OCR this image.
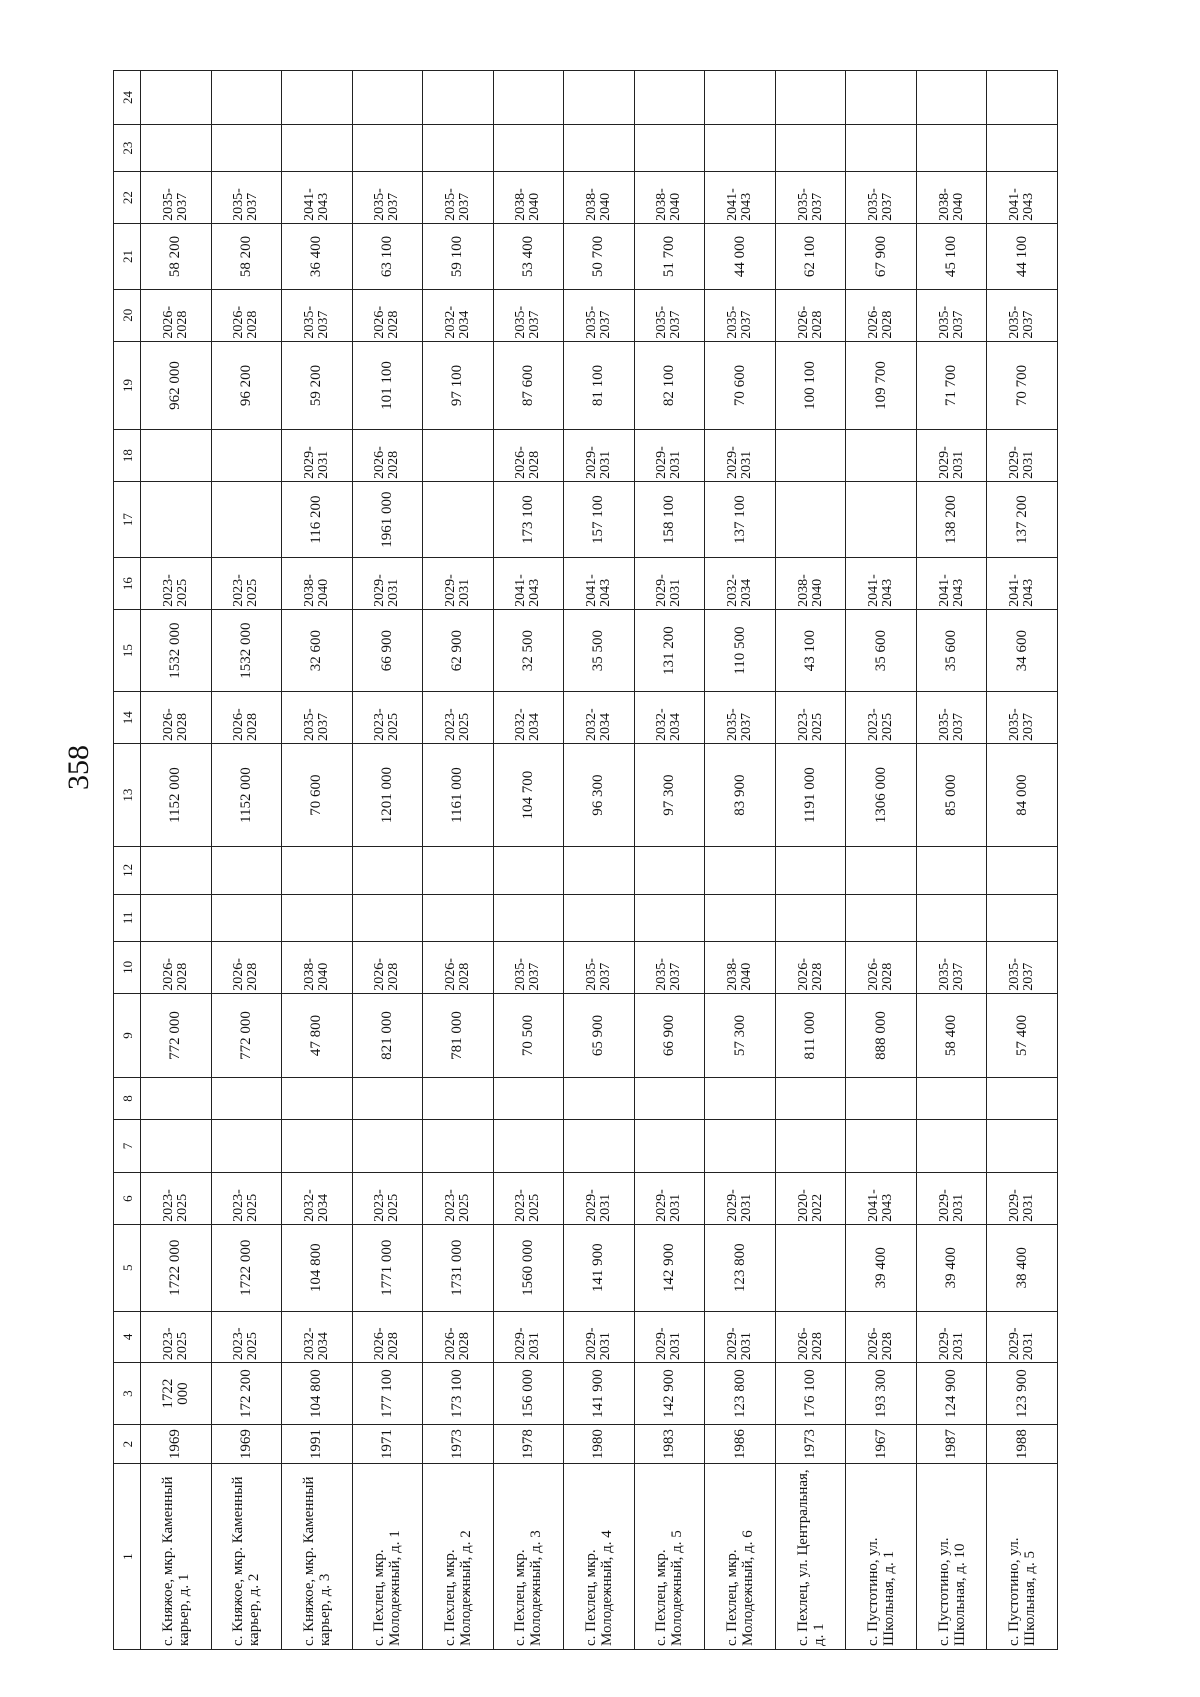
358
1	2	3	4	5	6	7	8	9	10	11	12	13	14	15	16	17	18	19	20	21	22	23	24
с. Княжое, мкр. Каменный карьер, д. 1	1969	1722 000	2023-2025	1722 000	2023-2025			772 000	2026-2028			1152 000	2026-2028	1532 000	2023-2025			962 000	2026-2028	58 200	2035-2037		
с. Княжое, мкр. Каменный карьер, д. 2	1969	172 200	2023-2025	1722 000	2023-2025			772 000	2026-2028			1152 000	2026-2028	1532 000	2023-2025			96 200	2026-2028	58 200	2035-2037		
с. Княжое, мкр. Каменный карьер, д. 3	1991	104 800	2032-2034	104 800	2032-2034			47 800	2038-2040			70 600	2035-2037	32 600	2038-2040	116 200	2029-2031	59 200	2035-2037	36 400	2041-2043		
с. Пехлец, мкр. Молодежный, д. 1	1971	177 100	2026-2028	1771 000	2023-2025			821 000	2026-2028			1201 000	2023-2025	66 900	2029-2031	1961 000	2026-2028	101 100	2026-2028	63 100	2035-2037		
с. Пехлец, мкр. Молодежный, д. 2	1973	173 100	2026-2028	1731 000	2023-2025			781 000	2026-2028			1161 000	2023-2025	62 900	2029-2031			97 100	2032-2034	59 100	2035-2037		
с. Пехлец, мкр. Молодежный, д. 3	1978	156 000	2029-2031	1560 000	2023-2025			70 500	2035-2037			104 700	2032-2034	32 500	2041-2043	173 100	2026-2028	87 600	2035-2037	53 400	2038-2040		
с. Пехлец, мкр. Молодежный, д. 4	1980	141 900	2029-2031	141 900	2029-2031			65 900	2035-2037			96 300	2032-2034	35 500	2041-2043	157 100	2029-2031	81 100	2035-2037	50 700	2038-2040		
с. Пехлец, мкр. Молодежный, д. 5	1983	142 900	2029-2031	142 900	2029-2031			66 900	2035-2037			97 300	2032-2034	131 200	2029-2031	158 100	2029-2031	82 100	2035-2037	51 700	2038-2040		
с. Пехлец, мкр. Молодежный, д. 6	1986	123 800	2029-2031	123 800	2029-2031			57 300	2038-2040			83 900	2035-2037	110 500	2032-2034	137 100	2029-2031	70 600	2035-2037	44 000	2041-2043		
с. Пехлец, ул. Центральная, д. 1	1973	176 100	2026-2028		2020-2022			811 000	2026-2028			1191 000	2023-2025	43 100	2038-2040			100 100	2026-2028	62 100	2035-2037		
с. Пустотино, ул. Школьная, д. 1	1967	193 300	2026-2028	39 400	2041-2043			888 000	2026-2028			1306 000	2023-2025	35 600	2041-2043			109 700	2026-2028	67 900	2035-2037		
с. Пустотино, ул. Школьная, д. 10	1987	124 900	2029-2031	39 400	2029-2031			58 400	2035-2037			85 000	2035-2037	35 600	2041-2043	138 200	2029-2031	71 700	2035-2037	45 100	2038-2040		
с. Пустотино, ул. Школьная, д. 5	1988	123 900	2029-2031	38 400	2029-2031			57 400	2035-2037			84 000	2035-2037	34 600	2041-2043	137 200	2029-2031	70 700	2035-2037	44 100	2041-2043		
